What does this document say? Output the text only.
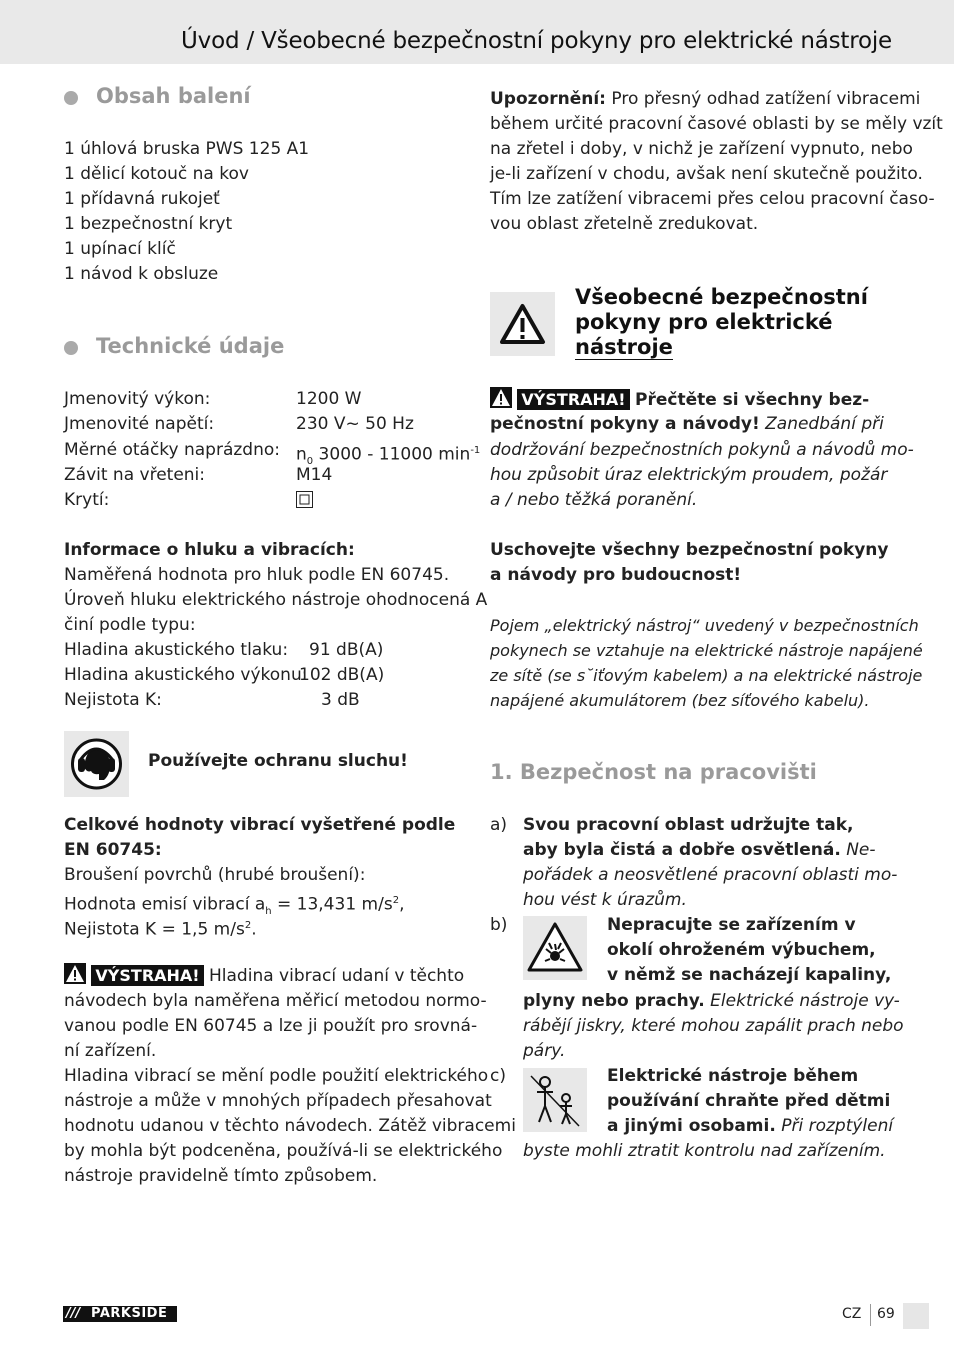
Úvod / Všeobecné bezpečnostní pokyny pro elektrické nástroje
Obsah balení
1 úhlová bruska PWS 125 A1
1 dělicí kotouč na kov
1 přídavná rukojeť
1 bezpečnostní kryt
1 upínací klíč
1 návod k obsluze
Technické údaje
Jmenovitý výkon:	1200 W
Jmenovité napětí:	230 V~ 50 Hz
Měrné otáčky naprázdno: $n_0$ 3000 - 11000 $\min^{-1}$
Závit na vřeteni:	M14
Krytí:
Informace o hluku a vibracích:
Naměřená hodnota pro hluk podle EN 60745.
Úroveň hluku elektrického nástroje ohodnocená A
činí podle typu:
Hladina akustického tlaku: 91 dB(A)
Hladina akustického výkonu:
102 dB(A)
Nejistota K:	3 dB
Používejte ochranu sluchu!
Celkové hodnoty vibrací vyšetřené podle
EN 60745:
Broušení povrchů (hrubé broušení):
Hodnota emisí vibrací $a_h = 13,431$ $m/s^2$,
Nejistota K = 1,5 $m/s^2$.
VÝSTRAHA! Hladina vibrací udaní v těchto
návodech byla naměřena měřicí metodou normo-
vanou podle EN 60745 a lze ji použít pro srovná-
ní zařízení.
Hladina vibrací se mění podle použití elektrického
nástroje a může v mnohých případech přesahovat
hodnotu udanou v těchto návodech. Zátěž vibracemi
by mohla být podceněna, používá-li se elektrického
nástroje pravidelně tímto způsobem.
Upozornění: Pro přesný odhad zatížení vibracemi
během určité pracovní časové oblasti by se měly vzít
na zřetel i doby, v nichž je zařízení vypnuto, nebo
je-li zařízení v chodu, avšak není skutečně použito.
Tím lze zatížení vibracemi přes celou pracovní časo-
vou oblast zřetelně zredukovat.
Všeobecné bezpečnostní
pokyny pro elektrické
nástroje
VÝSTRAHA! Přečtěte si všechny bez-
pečnostní pokyny a návody! Zanedbání při
dodržování bezpečnostních pokynů a návodů mo-
hou způsobit úraz elektrickým proudem, požár
a / nebo těžká poranění.
Uschovejte všechny bezpečnostní pokyny
a návody pro budoucnost!
Pojem „elektrický nástroj“ uvedený v bezpečnostních
pokynech se vztahuje na elektrické nástroje napájené
ze sítě (se s˘iťovým kabelem) a na elektrické nástroje
napájené akumulátorem (bez síťového kabelu).
1. Bezpečnost na pracovišti
a) Svou pracovní oblast udržujte tak,
aby byla čistá a dobře osvětlená. Ne-
pořádek a neosvětlené pracovní oblasti mo-
hou vést k úrazům.
b)	Nepracujte se zařízením v
okolí ohroženém výbuchem,
v němž se nacházejí kapaliny,
plyny nebo prachy. Elektrické nástroje vy-
rábějí jiskry, které mohou zapálit prach nebo
páry.
c)	Elektrické nástroje během
používání chraňte před dětmi
a jinými osobami. Při rozptýlení
byste mohli ztratit kontrolu nad zařízením.
/// PARKSIDE	CZ 69
